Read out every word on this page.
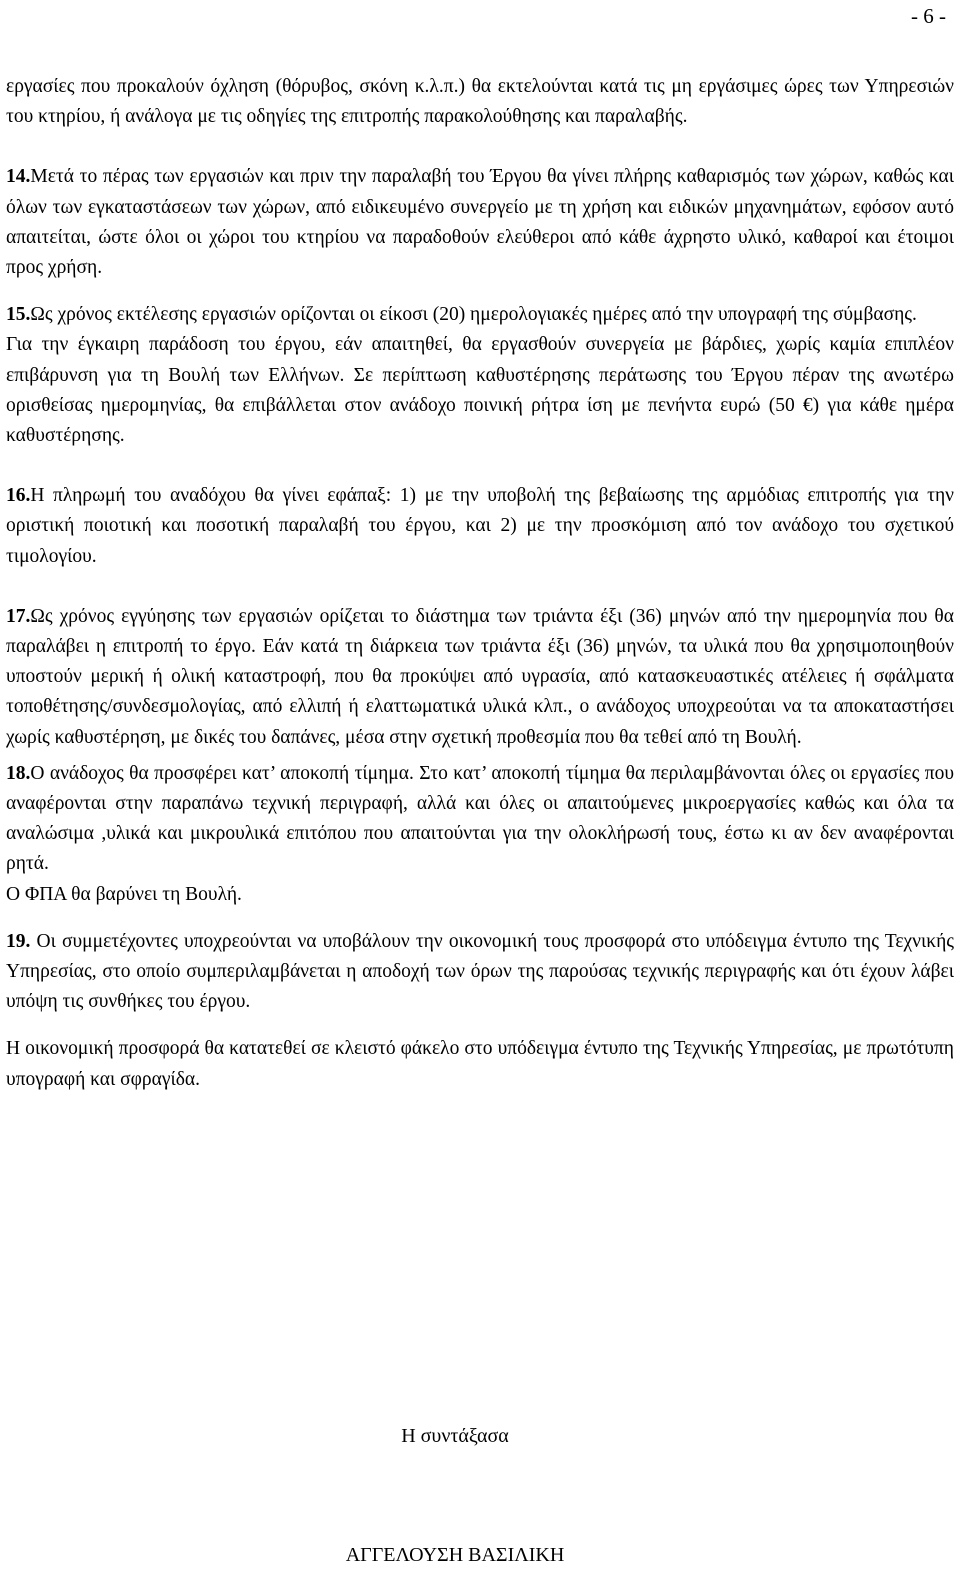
- 6 -

εργασίες που προκαλούν όχληση (θόρυβος, σκόνη κ.λ.π.) θα εκτελούνται κατά τις μη εργάσιμες ώρες των Υπηρεσιών του κτηρίου, ή ανάλογα με τις οδηγίες της επιτροπής παρακολούθησης και παραλαβής.

14.Μετά το πέρας των εργασιών και πριν την παραλαβή του Έργου θα γίνει πλήρης καθαρισμός των χώρων, καθώς και όλων των εγκαταστάσεων των χώρων, από ειδικευμένο συνεργείο με τη χρήση και ειδικών μηχανημάτων, εφόσον αυτό απαιτείται, ώστε όλοι οι χώροι του κτηρίου να παραδοθούν ελεύθεροι από κάθε άχρηστο υλικό, καθαροί και έτοιμοι προς χρήση.

15.Ως χρόνος εκτέλεσης εργασιών ορίζονται οι είκοσι (20) ημερολογιακές ημέρες από την υπογραφή της σύμβασης.

Για την έγκαιρη παράδοση του έργου, εάν απαιτηθεί, θα εργασθούν συνεργεία με βάρδιες, χωρίς καμία επιπλέον επιβάρυνση για τη Βουλή των Ελλήνων. Σε περίπτωση καθυστέρησης περάτωσης του Έργου πέραν της ανωτέρω ορισθείσας ημερομηνίας, θα επιβάλλεται στον ανάδοχο ποινική ρήτρα ίση με πενήντα ευρώ (50 €) για κάθε ημέρα καθυστέρησης.

16.Η πληρωμή του αναδόχου θα γίνει εφάπαξ: 1) με την υποβολή της βεβαίωσης της αρμόδιας επιτροπής για την οριστική ποιοτική και ποσοτική παραλαβή του έργου, και 2) με την προσκόμιση από τον ανάδοχο του σχετικού τιμολογίου.

17.Ως χρόνος εγγύησης των εργασιών ορίζεται το διάστημα των τριάντα έξι (36) μηνών από την ημερομηνία που θα παραλάβει η επιτροπή το έργο. Εάν κατά τη διάρκεια των τριάντα έξι (36) μηνών, τα υλικά που θα χρησιμοποιηθούν υποστούν μερική ή ολική καταστροφή, που θα προκύψει από υγρασία, από κατασκευαστικές ατέλειες ή σφάλματα τοποθέτησης/συνδεσμολογίας, από ελλιπή ή ελαττωματικά υλικά κλπ., ο ανάδοχος υποχρεούται να τα αποκαταστήσει χωρίς καθυστέρηση, με δικές του δαπάνες, μέσα στην σχετική προθεσμία που θα τεθεί από τη Βουλή.

18.Ο ανάδοχος θα προσφέρει κατ’ αποκοπή τίμημα. Στο κατ’ αποκοπή τίμημα θα περιλαμβάνονται όλες οι εργασίες που αναφέρονται στην παραπάνω τεχνική περιγραφή, αλλά και όλες οι απαιτούμενες μικροεργασίες καθώς και όλα τα αναλώσιμα ,υλικά και μικρουλικά επιτόπου που απαιτούνται για την ολοκλήρωσή τους, έστω κι αν δεν αναφέρονται ρητά.

Ο ΦΠΑ θα βαρύνει τη Βουλή.

19. Οι συμμετέχοντες υποχρεούνται να υποβάλουν την οικονομική τους προσφορά στο υπόδειγμα έντυπο της Τεχνικής Υπηρεσίας, στο οποίο συμπεριλαμβάνεται η αποδοχή των όρων της παρούσας τεχνικής περιγραφής και ότι έχουν λάβει υπόψη τις συνθήκες του έργου.

Η οικονομική προσφορά θα κατατεθεί σε κλειστό φάκελο στο υπόδειγμα έντυπο της Τεχνικής Υπηρεσίας, με πρωτότυπη υπογραφή και σφραγίδα.

Η συντάξασα
ΑΓΓΕΛΟΥΣΗ ΒΑΣΙΛΙΚΗ
